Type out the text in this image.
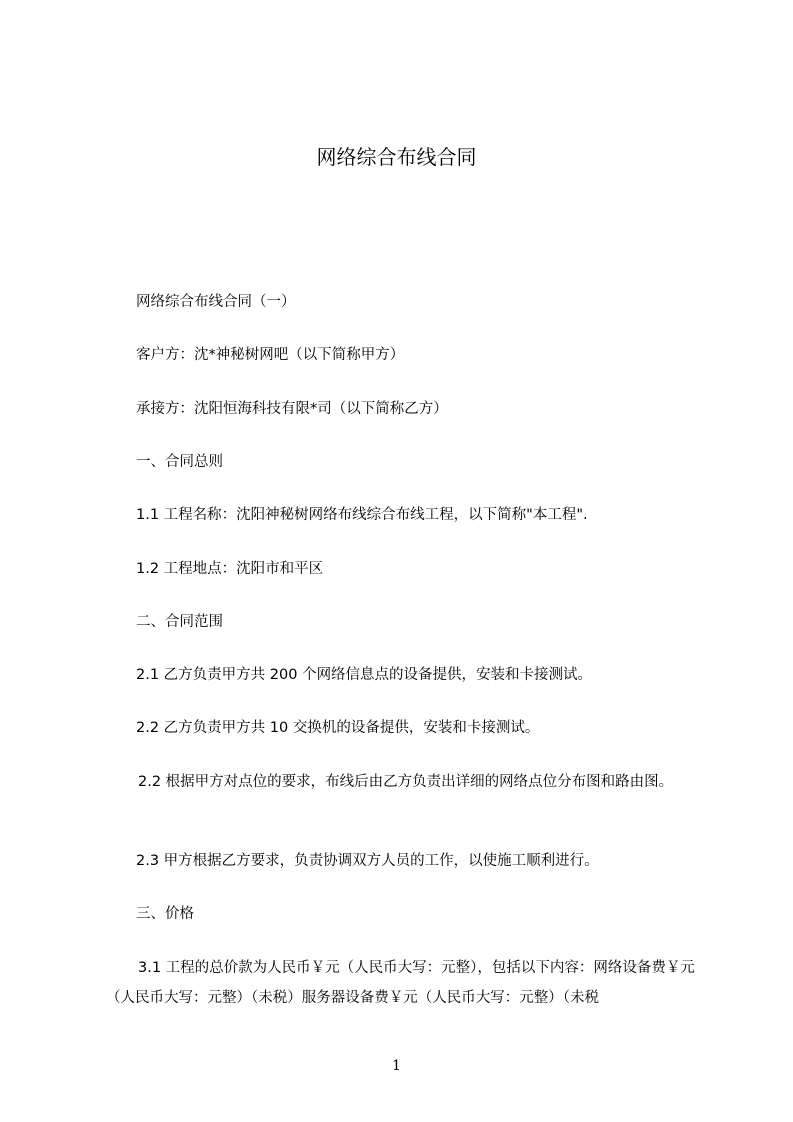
网络综合布线合同

网络综合布线合同（一）

客户方：沈*神秘树网吧（以下简称甲方）

承接方：沈阳恒海科技有限*司（以下简称乙方）

一、合同总则

1.1 工程名称：沈阳神秘树网络布线综合布线工程，以下简称"本工程".

1.2 工程地点：沈阳市和平区

二、合同范围

2.1 乙方负责甲方共 200 个网络信息点的设备提供，安装和卡接测试。

2.2 乙方负责甲方共 10 交换机的设备提供，安装和卡接测试。

2.2 根据甲方对点位的要求，布线后由乙方负责出详细的网络点位分布图和路由图。

2.3 甲方根据乙方要求，负责协调双方人员的工作，以使施工顺利进行。

三、价格

3.1 工程的总价款为人民币￥元（人民币大写：元整），包括以下内容：网络设备费￥元（人民币大写：元整）（未税）服务器设备费￥元（人民币大写：元整）（未税

1
